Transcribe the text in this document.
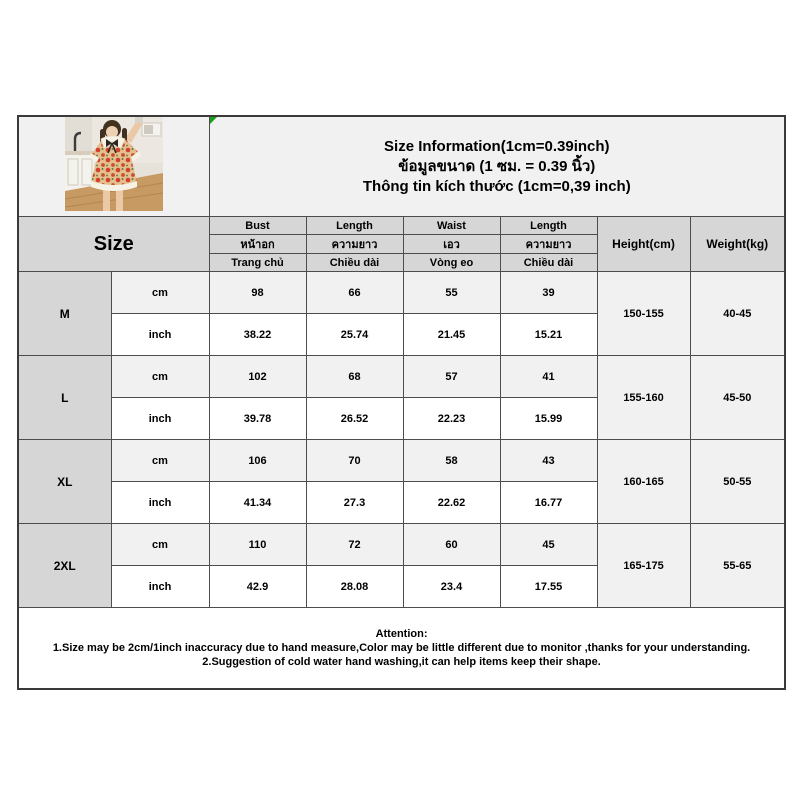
Size Information(1cm=0.39inch)
ข้อมูลขนาด (1 ซม. = 0.39 นิ้ว)
Thông tin kích thước (1cm=0,39 inch)					

Size		Bust	Length	Waist	Length	Height(cm)	Weight(kg)
		หน้าอก	ความยาว	เอว	ความยาว		
		Trang chủ	Chiều dài	Vòng eo	Chiều dài		
M	cm	98	66	55	39	150-155	40-45
	inch	38.22	25.74	21.45	15.21		
L	cm	102	68	57	41	155-160	45-50
	inch	39.78	26.52	22.23	15.99		
XL	cm	106	70	58	43	160-165	50-55
	inch	41.34	27.3	22.62	16.77		
2XL	cm	110	72	60	45	165-175	55-65
	inch	42.9	28.08	23.4	17.55		

Attention:
1.Size may be 2cm/1inch inaccuracy due to hand measure,Color may be little different due to monitor ,thanks for your understanding.
2.Suggestion of cold water hand washing,it can help items keep their shape.							
